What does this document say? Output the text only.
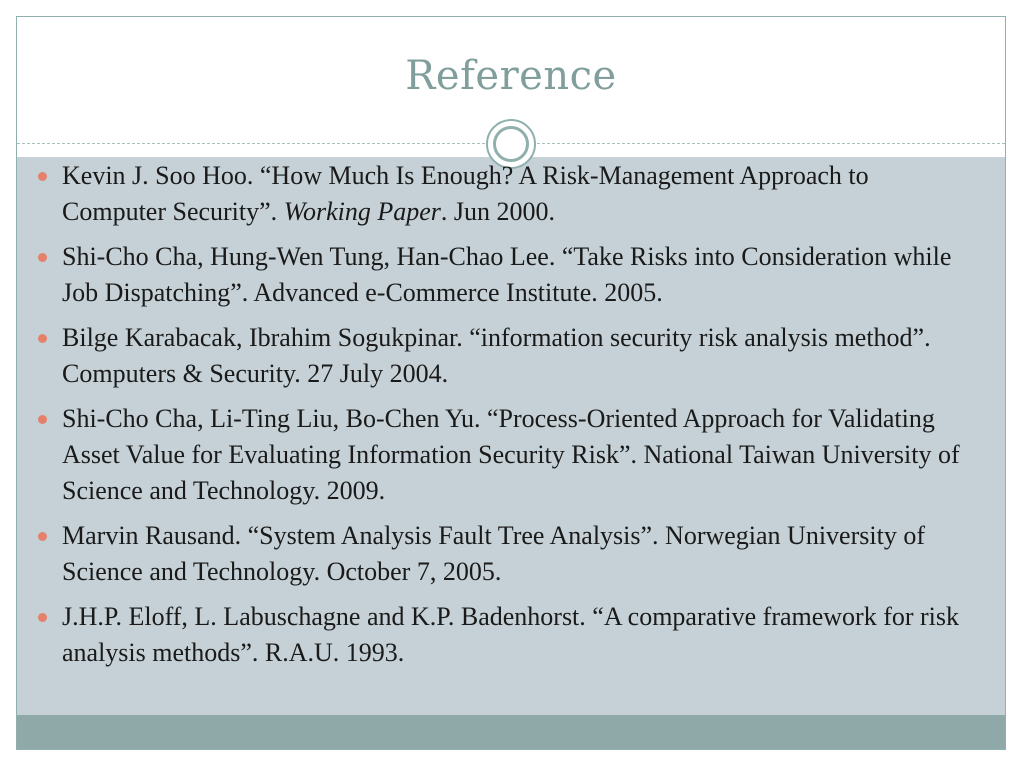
Reference
Kevin J. Soo Hoo. “How Much Is Enough? A Risk-Management Approach to Computer Security”. Working Paper. Jun 2000.
Shi-Cho Cha, Hung-Wen Tung, Han-Chao Lee. “Take Risks into Consideration while Job Dispatching”. Advanced e-Commerce Institute. 2005.
Bilge Karabacak, Ibrahim Sogukpinar. “information security risk analysis method”. Computers & Security. 27 July 2004.
Shi-Cho Cha, Li-Ting Liu, Bo-Chen Yu. “Process-Oriented Approach for Validating Asset Value for Evaluating Information Security Risk”. National Taiwan University of Science and Technology. 2009.
Marvin Rausand. “System Analysis Fault Tree Analysis”. Norwegian University of Science and Technology. October 7, 2005.
J.H.P. Eloff, L. Labuschagne and K.P. Badenhorst. “A comparative framework for risk analysis methods”. R.A.U. 1993.
